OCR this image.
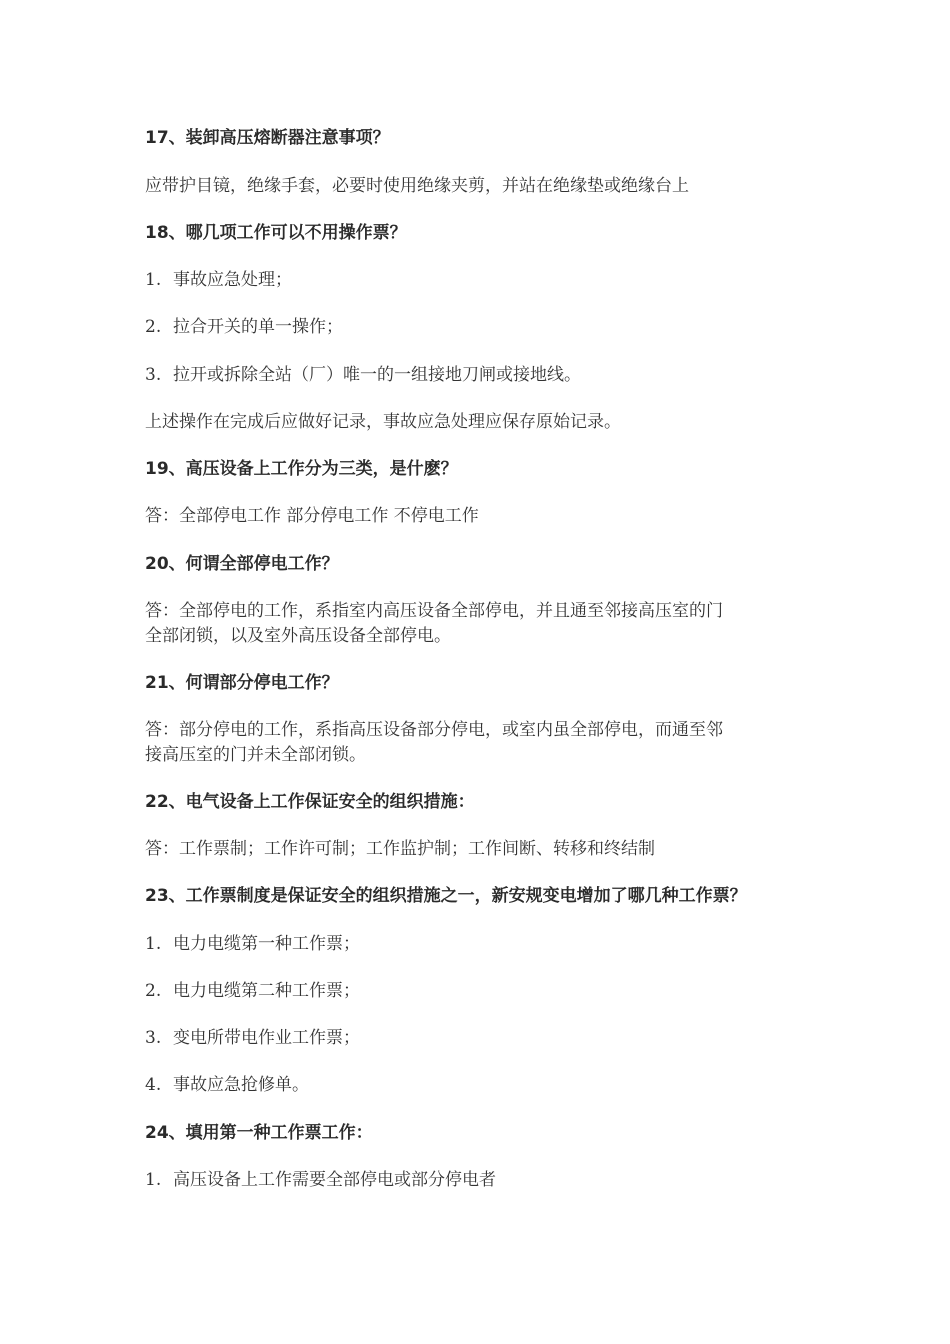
17、装卸高压熔断器注意事项？
应带护目镜，绝缘手套，必要时使用绝缘夹剪，并站在绝缘垫或绝缘台上
18、哪几项工作可以不用操作票？
1. 事故应急处理；
2. 拉合开关的单一操作；
3. 拉开或拆除全站（厂）唯一的一组接地刀闸或接地线。
上述操作在完成后应做好记录，事故应急处理应保存原始记录。
19、高压设备上工作分为三类，是什麽？
答：全部停电工作 部分停电工作 不停电工作
20、何谓全部停电工作？
答：全部停电的工作，系指室内高压设备全部停电，并且通至邻接高压室的门
全部闭锁，以及室外高压设备全部停电。
21、何谓部分停电工作？
答：部分停电的工作，系指高压设备部分停电，或室内虽全部停电，而通至邻
接高压室的门并未全部闭锁。
22、电气设备上工作保证安全的组织措施：
答：工作票制；工作许可制；工作监护制；工作间断、转移和终结制
23、工作票制度是保证安全的组织措施之一，新安规变电增加了哪几种工作票？
1. 电力电缆第一种工作票；
2. 电力电缆第二种工作票；
3. 变电所带电作业工作票；
4. 事故应急抢修单。
24、填用第一种工作票工作：
1. 高压设备上工作需要全部停电或部分停电者
